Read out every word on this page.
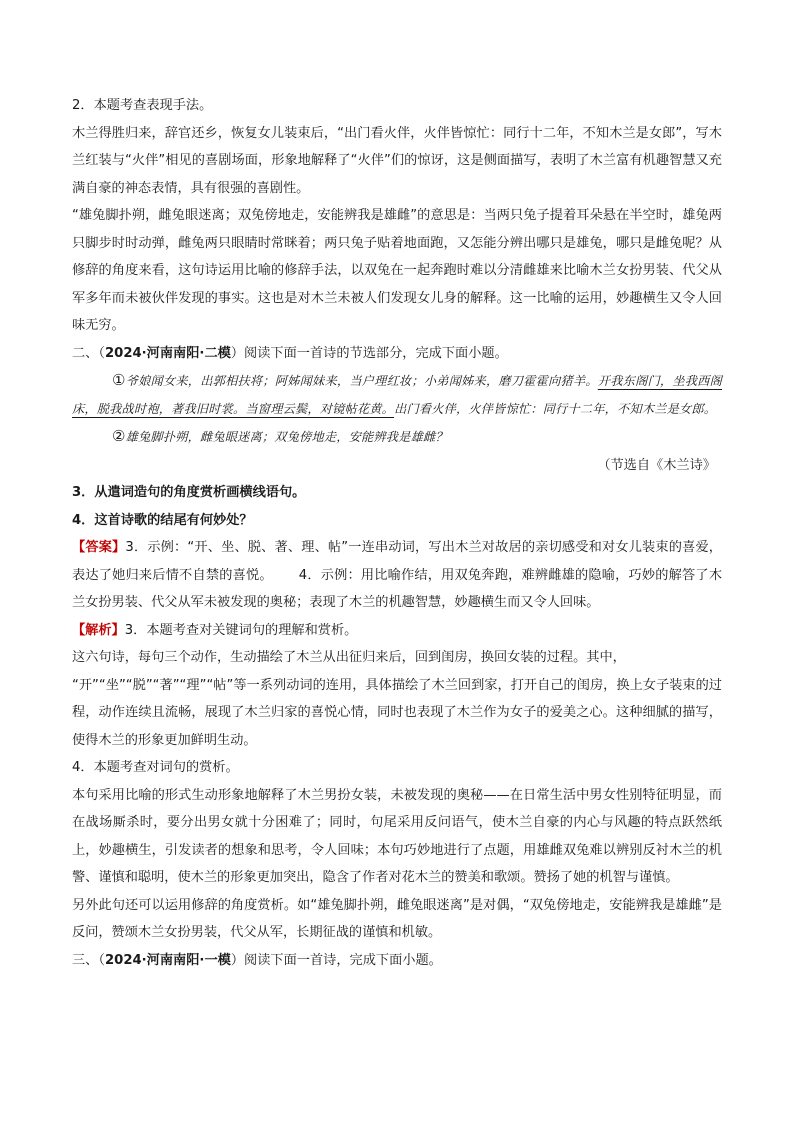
2．本题考查表现手法。

木兰得胜归来，辞官还乡，恢复女儿装束后，“出门看火伴，火伴皆惊忙：同行十二年，不知木兰是女郎”，写木兰红装与“火伴”相见的喜剧场面，形象地解释了“火伴”们的惊讶，这是侧面描写，表明了木兰富有机趣智慧又充满自豪的神态表情，具有很强的喜剧性。

“雄兔脚扑朔，雌兔眼迷离；双兔傍地走，安能辨我是雄雌”的意思是：当两只兔子提着耳朵悬在半空时，雄兔两只脚步时时动弹，雌兔两只眼睛时常眯着；两只兔子贴着地面跑，又怎能分辨出哪只是雄兔，哪只是雌兔呢？从修辞的角度来看，这句诗运用比喻的修辞手法，以双兔在一起奔跑时难以分清雌雄来比喻木兰女扮男装、代父从军多年而未被伙伴发现的事实。这也是对木兰未被人们发现女儿身的解释。这一比喻的运用，妙趣横生又令人回味无穷。

二、（2024·河南南阳·二模）阅读下面一首诗的节选部分，完成下面小题。

①爷娘闻女来，出郭相扶将；阿姊闻妹来，当户理红妆；小弟闻姊来，磨刀霍霍向猪羊。开我东阁门，坐我西阁床，脱我战时袍，著我旧时裳。当窗理云鬓，对镜帖花黄。出门看火伴，火伴皆惊忙：同行十二年，不知木兰是女郎。

②雄兔脚扑朔，雌兔眼迷离；双兔傍地走，安能辨我是雄雌？

（节选自《木兰诗》

3．从遣词造句的角度赏析画横线语句。

4．这首诗歌的结尾有何妙处？

【答案】3．示例：“开、坐、脱、著、理、帖”一连串动词，写出木兰对故居的亲切感受和对女儿装束的喜爱，表达了她归来后情不自禁的喜悦。 4．示例：用比喻作结，用双兔奔跑，难辨雌雄的隐喻，巧妙的解答了木兰女扮男装、代父从军未被发现的奥秘；表现了木兰的机趣智慧，妙趣横生而又令人回味。

【解析】3．本题考查对关键词句的理解和赏析。

这六句诗，每句三个动作，生动描绘了木兰从出征归来后，回到闺房，换回女装的过程。其中，

“开”“坐”“脱”“著”“理”“帖”等一系列动词的连用，具体描绘了木兰回到家，打开自己的闺房，换上女子装束的过程，动作连续且流畅，展现了木兰归家的喜悦心情，同时也表现了木兰作为女子的爱美之心。这种细腻的描写，使得木兰的形象更加鲜明生动。

4．本题考查对词句的赏析。

本句采用比喻的形式生动形象地解释了木兰男扮女装，未被发现的奥秘——在日常生活中男女性别特征明显，而在战场厮杀时，要分出男女就十分困难了；同时，句尾采用反问语气，使木兰自豪的内心与风趣的特点跃然纸上，妙趣横生，引发读者的想象和思考，令人回味；本句巧妙地进行了点题，用雄雌双兔难以辨别反衬木兰的机警、谨慎和聪明，使木兰的形象更加突出，隐含了作者对花木兰的赞美和歌颂。赞扬了她的机智与谨慎。

另外此句还可以运用修辞的角度赏析。如“雄兔脚扑朔，雌兔眼迷离”是对偶，“双兔傍地走，安能辨我是雄雌”是反问，赞颂木兰女扮男装，代父从军，长期征战的谨慎和机敏。

三、（2024·河南南阳·一模）阅读下面一首诗，完成下面小题。
